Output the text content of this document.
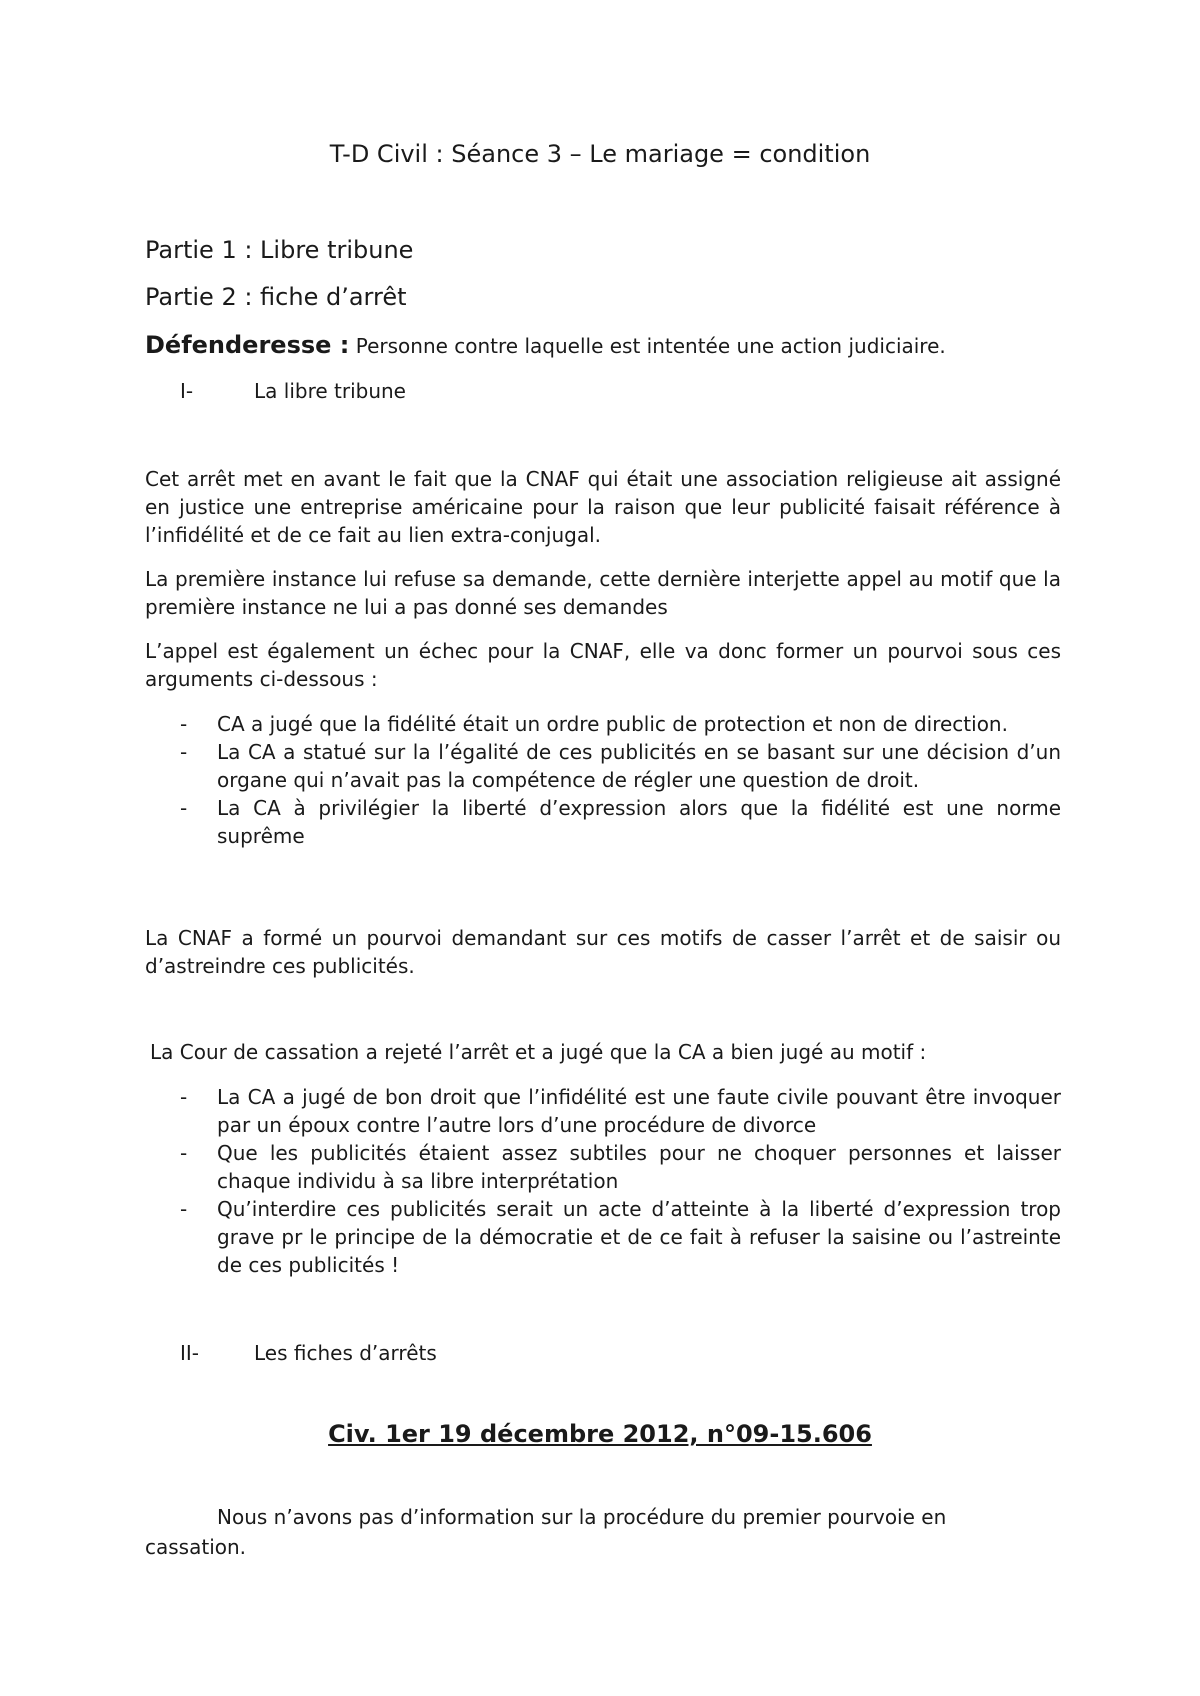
T-D Civil : Séance 3 – Le mariage = condition

Partie 1 : Libre tribune

Partie 2 : fiche d’arrêt

Défenderesse : Personne contre laquelle est intentée une action judiciaire.

I-	La libre tribune

Cet arrêt met en avant le fait que la CNAF qui était une association religieuse ait assigné en justice une entreprise américaine pour la raison que leur publicité faisait référence à l’infidélité et de ce fait au lien extra-conjugal.

La première instance lui refuse sa demande, cette dernière interjette appel au motif que la première instance ne lui a pas donné ses demandes

L’appel est également un échec pour la CNAF, elle va donc former un pourvoi sous ces arguments ci-dessous :

- CA a jugé que la fidélité était un ordre public de protection et non de direction.
- La CA a statué sur la l’égalité de ces publicités en se basant sur une décision d’un organe qui n’avait pas la compétence de régler une question de droit.
- La CA à privilégier la liberté d’expression alors que la fidélité est une norme suprême

La CNAF a formé un pourvoi demandant sur ces motifs de casser l’arrêt et de saisir ou d’astreindre ces publicités.

La Cour de cassation a rejeté l’arrêt et a jugé que la CA a bien jugé au motif :

- La CA a jugé de bon droit que l’infidélité est une faute civile pouvant être invoquer par un époux contre l’autre lors d’une procédure de divorce
- Que les publicités étaient assez subtiles pour ne choquer personnes et laisser chaque individu à sa libre interprétation
- Qu’interdire ces publicités serait un acte d’atteinte à la liberté d’expression trop grave pr le principe de la démocratie et de ce fait à refuser la saisine ou l’astreinte de ces publicités !

II-	Les fiches d’arrêts

Civ. 1er 19 décembre 2012, n°09-15.606

Nous n’avons pas d’information sur la procédure du premier pourvoie en
cassation.
